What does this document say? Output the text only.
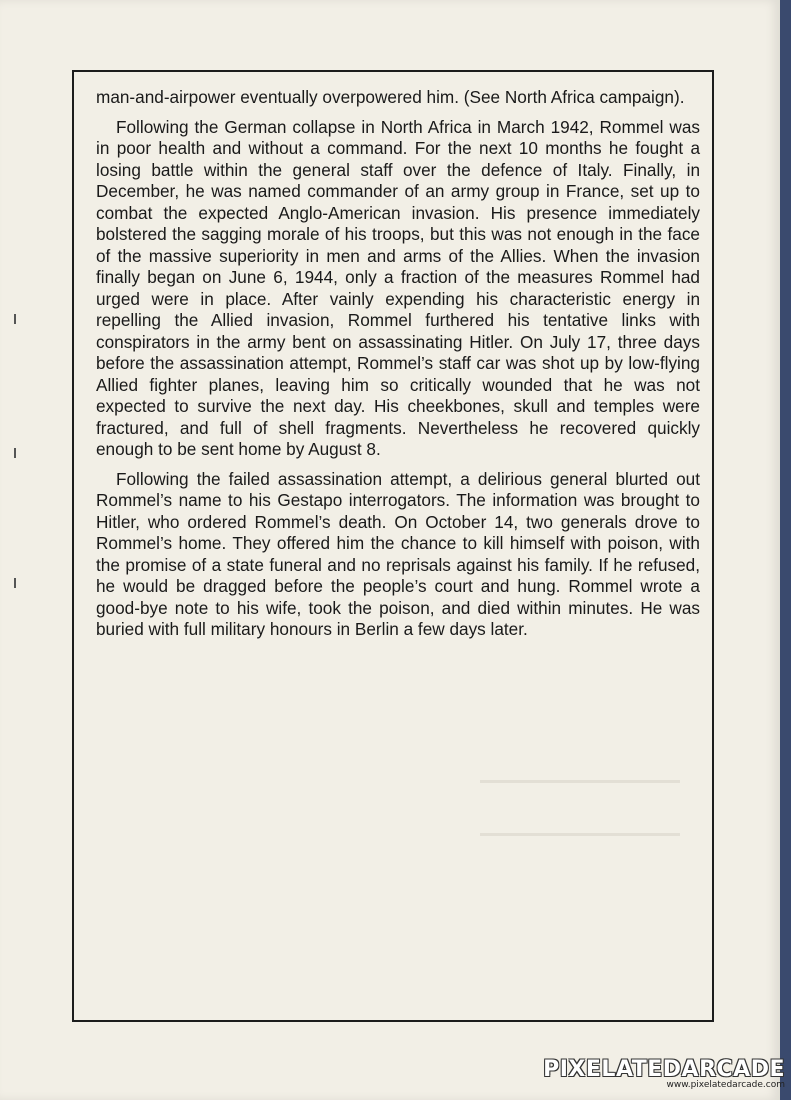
man-and-airpower eventually overpowered him. (See North Africa campaign).

Following the German collapse in North Africa in March 1942, Rommel was in poor health and without a command. For the next 10 months he fought a losing battle within the general staff over the defence of Italy. Finally, in December, he was named commander of an army group in France, set up to combat the expected Anglo-American invasion. His presence immediately bolstered the sagging morale of his troops, but this was not enough in the face of the massive superiority in men and arms of the Allies. When the invasion finally began on June 6, 1944, only a fraction of the measures Rommel had urged were in place. After vainly expending his characteristic energy in repelling the Allied invasion, Rommel furthered his tentative links with conspirators in the army bent on assassinating Hitler. On July 17, three days before the assassination attempt, Rommel’s staff car was shot up by low-flying Allied fighter planes, leaving him so critically wounded that he was not expected to survive the next day. His cheekbones, skull and temples were fractured, and full of shell fragments. Nevertheless he recovered quickly enough to be sent home by August 8.

Following the failed assassination attempt, a delirious general blurted out Rommel’s name to his Gestapo interrogators. The information was brought to Hitler, who ordered Rommel’s death. On October 14, two generals drove to Rommel’s home. They offered him the chance to kill himself with poison, with the promise of a state funeral and no reprisals against his family. If he refused, he would be dragged before the people’s court and hung. Rommel wrote a good-bye note to his wife, took the poison, and died within minutes. He was buried with full military honours in Berlin a few days later.

PIXELATEDARCADE
www.pixelatedarcade.com
